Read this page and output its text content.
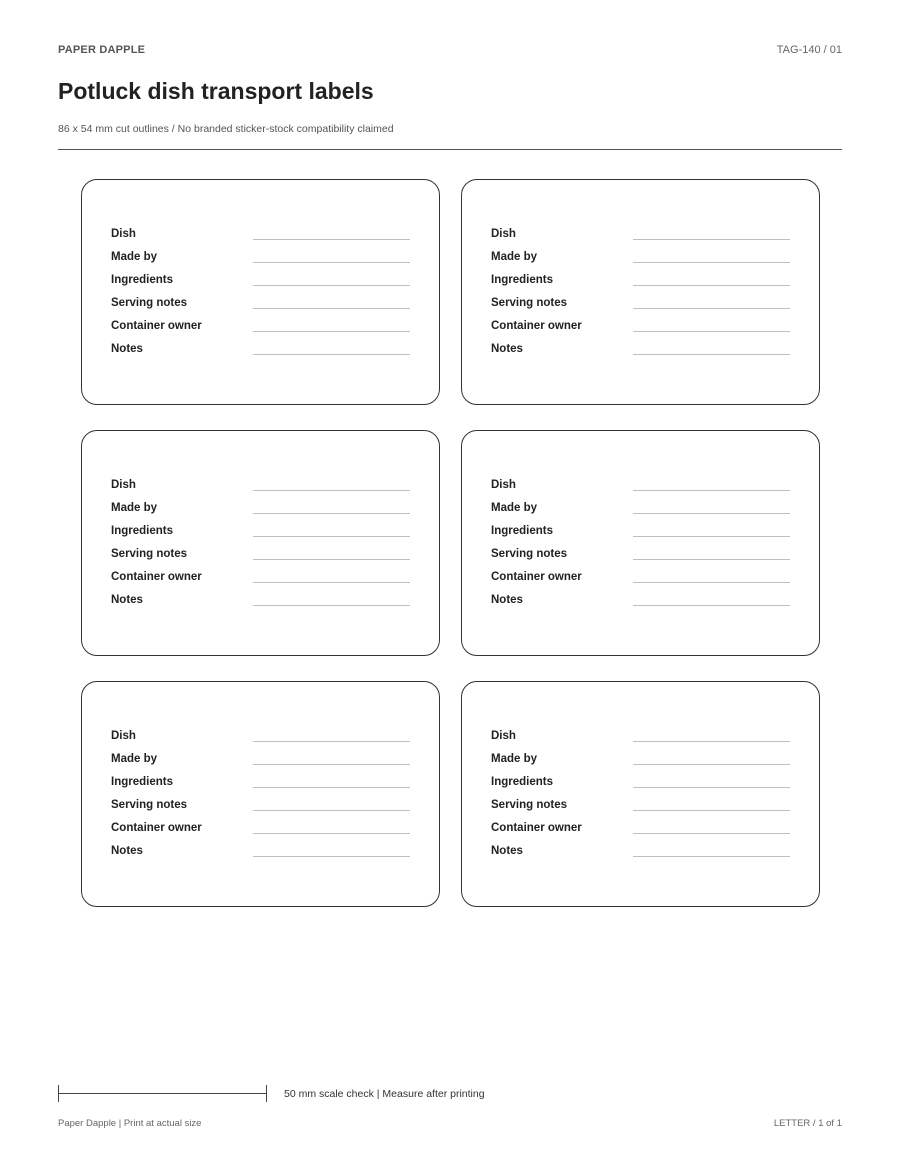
PAPER DAPPLE	TAG-140 / 01
Potluck dish transport labels
86 x 54 mm cut outlines / No branded sticker-stock compatibility claimed
Dish
Made by
Ingredients
Serving notes
Container owner
Notes
Dish
Made by
Ingredients
Serving notes
Container owner
Notes
Dish
Made by
Ingredients
Serving notes
Container owner
Notes
Dish
Made by
Ingredients
Serving notes
Container owner
Notes
Dish
Made by
Ingredients
Serving notes
Container owner
Notes
Dish
Made by
Ingredients
Serving notes
Container owner
Notes
50 mm scale check | Measure after printing
Paper Dapple | Print at actual size	LETTER / 1 of 1
